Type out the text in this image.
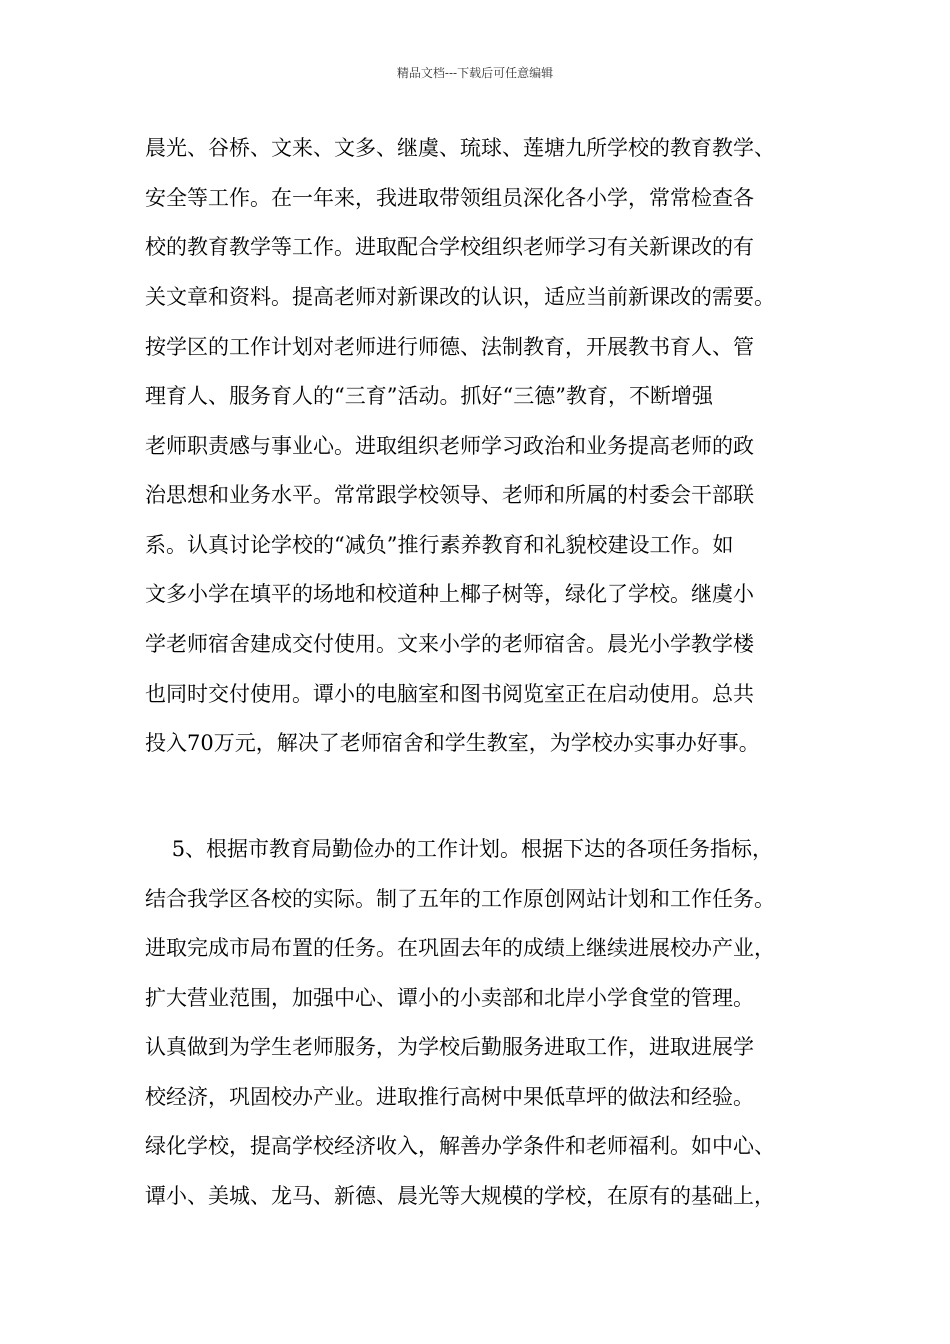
精品文档---下载后可任意编辑
晨光、谷桥、文来、文多、继虞、琉球、莲塘九所学校的教育教学、
安全等工作。在一年来，我进取带领组员深化各小学，常常检查各
校的教育教学等工作。进取配合学校组织老师学习有关新课改的有
关文章和资料。提高老师对新课改的认识，适应当前新课改的需要。
按学区的工作计划对老师进行师德、法制教育，开展教书育人、管
理育人、服务育人的“三育”活动。抓好“三德”教育，不断增强
老师职责感与事业心。进取组织老师学习政治和业务提高老师的政
治思想和业务水平。常常跟学校领导、老师和所属的村委会干部联
系。认真讨论学校的“减负”推行素养教育和礼貌校建设工作。如
文多小学在填平的场地和校道种上椰子树等，绿化了学校。继虞小
学老师宿舍建成交付使用。文来小学的老师宿舍。晨光小学教学楼
也同时交付使用。谭小的电脑室和图书阅览室正在启动使用。总共
投入70万元，解决了老师宿舍和学生教室，为学校办实事办好事。
5、根据市教育局勤俭办的工作计划。根据下达的各项任务指标，
结合我学区各校的实际。制了五年的工作原创网站计划和工作任务。
进取完成市局布置的任务。在巩固去年的成绩上继续进展校办产业，
扩大营业范围，加强中心、谭小的小卖部和北岸小学食堂的管理。
认真做到为学生老师服务，为学校后勤服务进取工作，进取进展学
校经济，巩固校办产业。进取推行高树中果低草坪的做法和经验。
绿化学校，提高学校经济收入，解善办学条件和老师福利。如中心、
谭小、美城、龙马、新德、晨光等大规模的学校，在原有的基础上，
